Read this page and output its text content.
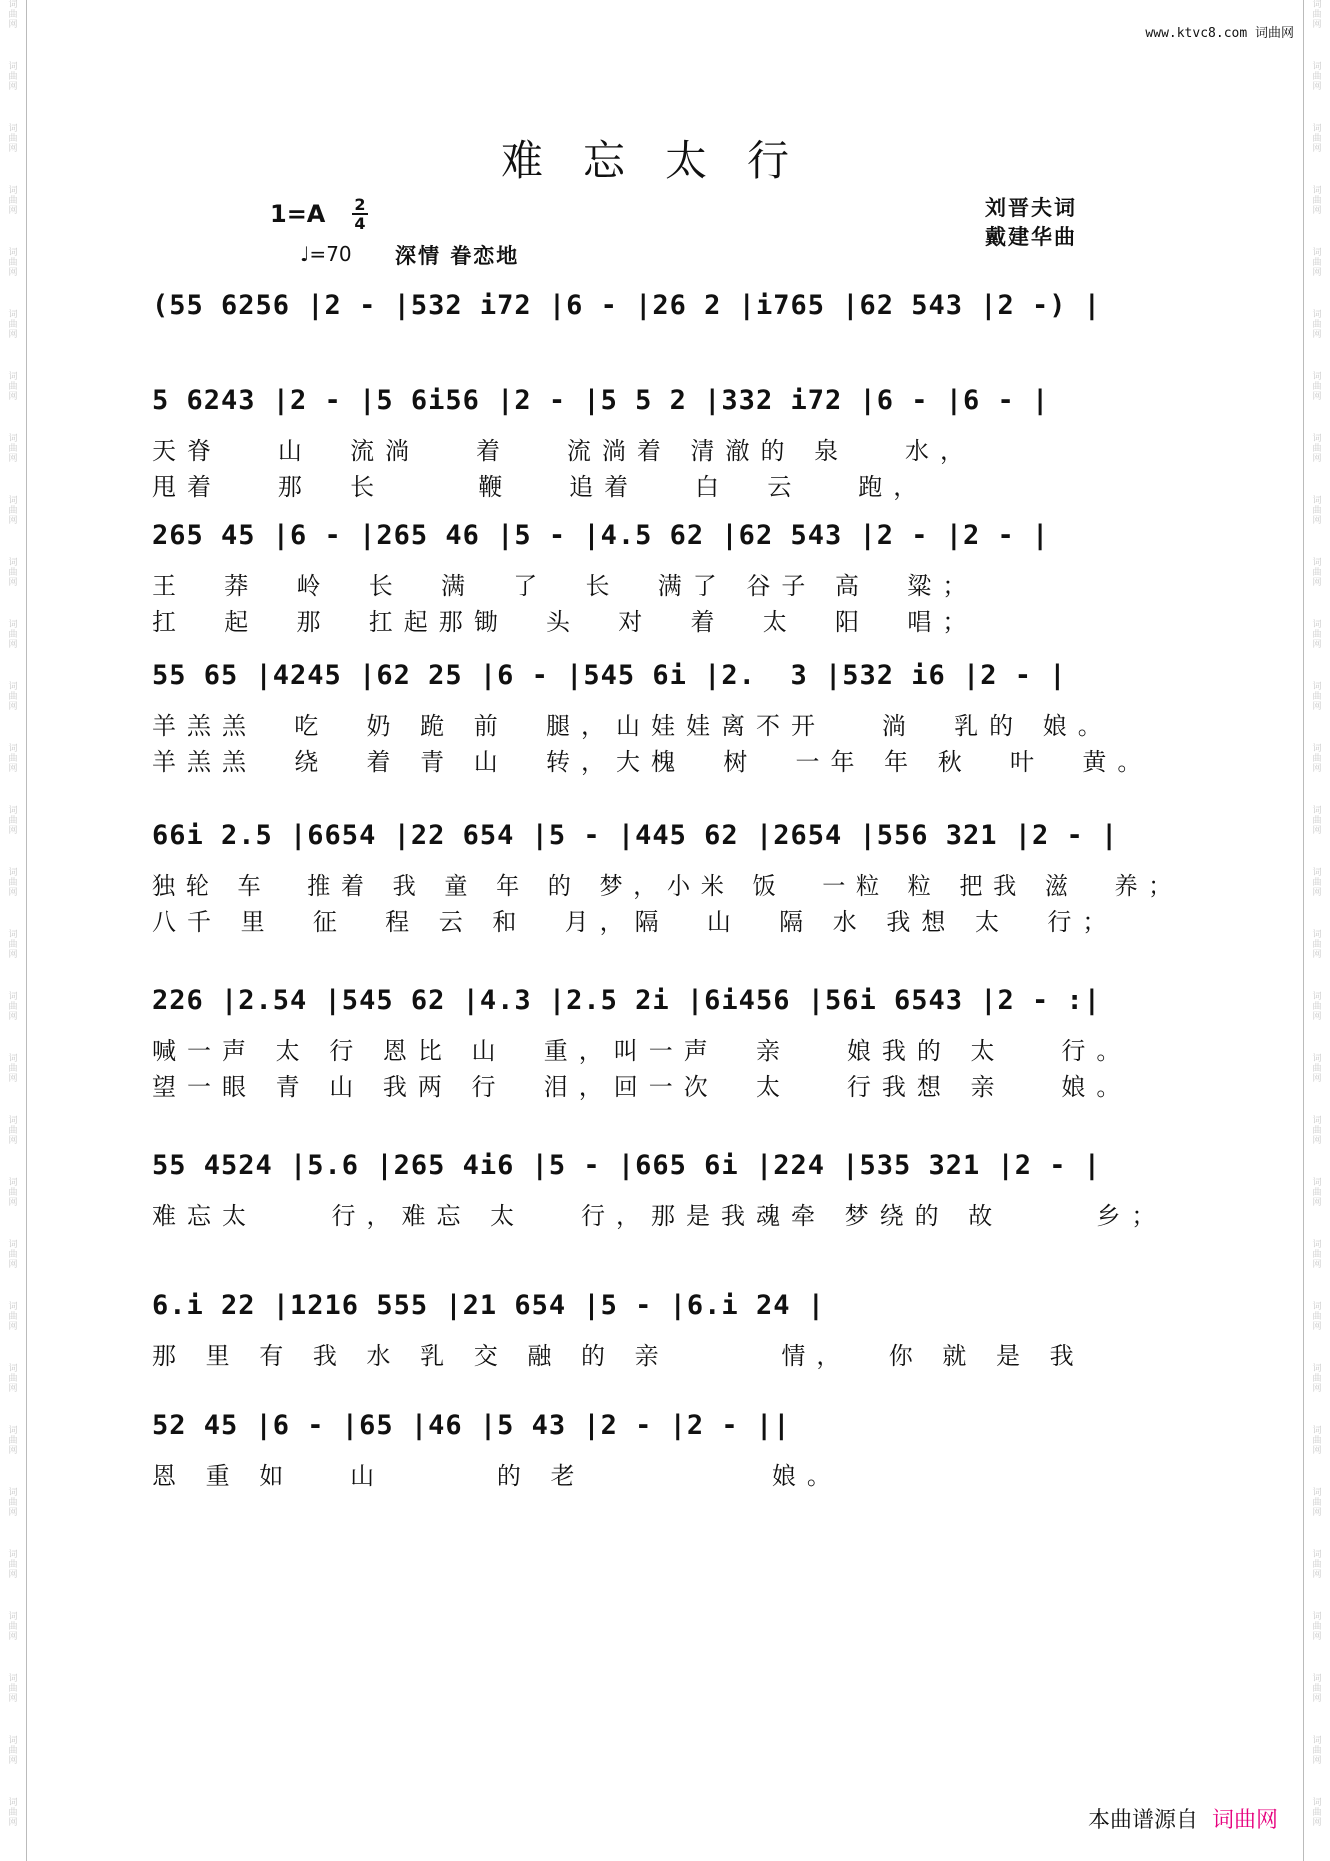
词
曲
网
词
曲
网
词
曲
网
词
曲
网
词
曲
网
词
曲
网
词
曲
网
词
曲
网
词
曲
网
词
曲
网
词
曲
网
词
曲
网
词
曲
网
词
曲
网
词
曲
网
词
曲
网
词
曲
网
词
曲
网
词
曲
网
词
曲
网
词
曲
网
词
曲
网
词
曲
网
词
曲
网
词
曲
网
词
曲
网
词
曲
网
词
曲
网
词
曲
网
词
曲
网
词
曲
网
词
曲
网
词
曲
网
词
曲
网
词
曲
网
词
曲
网
词
曲
网
词
曲
网
词
曲
网
词
曲
网
词
曲
网
词
曲
网
词
曲
网
词
曲
网
词
曲
网
词
曲
网
词
曲
网
词
曲
网
词
曲
网
词
曲
网
词
曲
网
词
曲
网
词
曲
网
词
曲
网
词
曲
网
词
曲
网
词
曲
网
词
曲
网
词
曲
网
词
曲
网
www.ktvc8.com 词曲网
难忘太行
1=A 2
4
♩=70 深情 眷恋地
刘晋夫词
戴建华曲
(55 6256 |2 - |532 i72 |6 - |26 2 |i765 |62 543 |2 -) |
5 6243 |2 - |5 6i56 |2 - |5 5 2 |332 i72 |6 - |6 - |
天脊   山  流淌   着   流淌着 清澈的 泉   水，
甩着   那  长     鞭   追着   白  云   跑，
265 45 |6 - |265 46 |5 - |4.5 62 |62 543 |2 - |2 - |
王  莽  岭  长  满  了  长  满了 谷子 高  粱；
扛  起  那  扛起那锄  头  对  着  太  阳  唱；
55 65 |4245 |62 25 |6 - |545 6i |2.  3 |532 i6 |2 - |
羊羔羔  吃  奶 跪 前  腿，山娃娃离不开   淌  乳的 娘。
羊羔羔  绕  着 青 山  转，大槐  树  一年 年 秋  叶  黄。
66i 2.5 |6654 |22 654 |5 - |445 62 |2654 |556 321 |2 - |
独轮 车  推着 我 童 年 的 梦，小米 饭  一粒 粒 把我 滋  养；
八千 里  征  程 云 和  月，隔  山  隔 水 我想 太  行；
226 |2.54 |545 62 |4.3 |2.5 2i |6i456 |56i 6543 |2 - :|
喊一声 太 行 恩比 山  重，叫一声  亲   娘我的 太   行。
望一眼 青 山 我两 行  泪，回一次  太   行我想 亲   娘。
55 4524 |5.6 |265 4i6 |5 - |665 6i |224 |535 321 |2 - |
难忘太    行，难忘 太   行，那是我魂牵 梦绕的 故     乡；
6.i 22 |1216 555 |21 654 |5 - |6.i 24 |
那 里 有 我 水 乳 交 融 的 亲      情，  你 就 是 我
52 45 |6 - |65 |46 |5 43 |2 - |2 - ||
恩 重 如   山      的 老          娘。
本曲谱源自 词曲网
